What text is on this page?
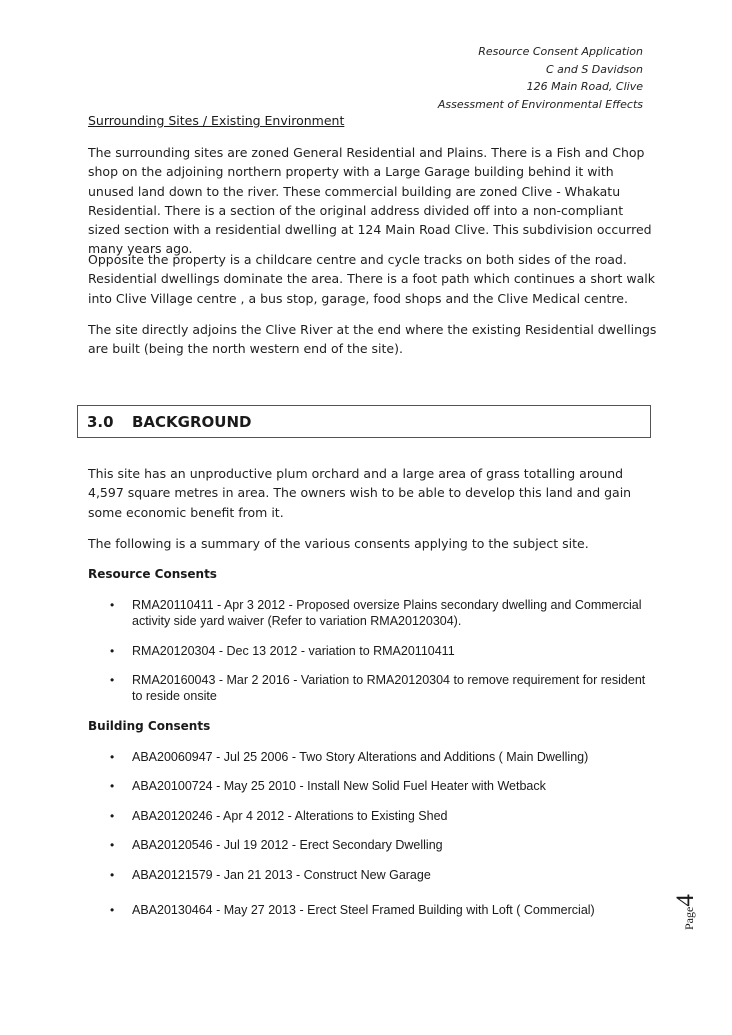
Resource Consent Application
C and S Davidson
126 Main Road, Clive
Assessment of Environmental Effects
Surrounding Sites / Existing Environment
The surrounding sites are zoned General Residential and Plains. There is a Fish and Chop shop on the adjoining northern property with a Large Garage building behind it with unused land down to the river. These commercial building are zoned Clive - Whakatu Residential. There is a section of the original address divided off into a non-compliant sized section with a residential dwelling at 124 Main Road Clive. This subdivision occurred many years ago.
Opposite the property is a childcare centre and cycle tracks on both sides of the road. Residential dwellings dominate the area. There is a foot path which continues a short walk into Clive Village centre , a bus stop, garage, food shops and the Clive Medical centre.
The site directly adjoins the Clive River at the end where the existing Residential dwellings are built (being the north western end of the site).
3.0	BACKGROUND
This site has an unproductive plum orchard and a large area of grass totalling around 4,597 square metres in area. The owners wish to be able to develop this land and gain some economic benefit from it.
The following is a summary of the various consents applying to the subject site.
Resource Consents
•	RMA20110411 - Apr 3 2012 - Proposed oversize Plains secondary dwelling and Commercial activity side yard waiver (Refer to variation RMA20120304).
•	RMA20120304 - Dec 13 2012 - variation to RMA20110411
•	RMA20160043 - Mar 2 2016 - Variation to RMA20120304 to remove requirement for resident to reside onsite
Building Consents
•	ABA20060947 - Jul 25 2006 - Two Story Alterations and Additions ( Main Dwelling)
•	ABA20100724 - May 25 2010 - Install New Solid Fuel Heater with Wetback
•	ABA20120246 - Apr 4 2012 - Alterations to Existing Shed
•	ABA20120546 - Jul 19 2012 - Erect Secondary Dwelling
•	ABA20121579 - Jan 21 2013 - Construct New Garage
•	ABA20130464 - May 27 2013 - Erect Steel Framed Building with Loft ( Commercial)	Page4
